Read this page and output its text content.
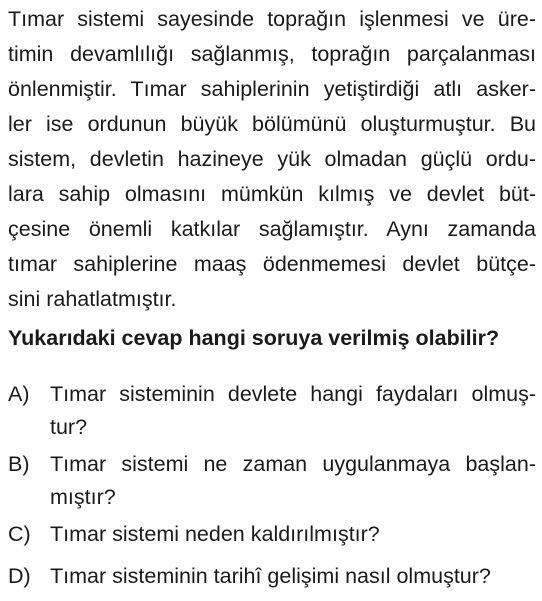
Tımar sistemi sayesinde toprağın işlenmesi ve üre-
timin devamlılığı sağlanmış, toprağın parçalanması
önlenmiştir. Tımar sahiplerinin yetiştirdiği atlı asker-
ler ise ordunun büyük bölümünü oluşturmuştur. Bu
sistem, devletin hazineye yük olmadan güçlü ordu-
lara sahip olmasını mümkün kılmış ve devlet büt-
çesine önemli katkılar sağlamıştır. Aynı zamanda
tımar sahiplerine maaş ödenmemesi devlet bütçe-
sini rahatlatmıştır.
Yukarıdaki cevap hangi soruya verilmiş olabilir?
A) Tımar sisteminin devlete hangi faydaları olmuş-
tur?
B) Tımar sistemi ne zaman uygulanmaya başlan-
mıştır?
C) Tımar sistemi neden kaldırılmıştır?
D) Tımar sisteminin tarihî gelişimi nasıl olmuştur?
